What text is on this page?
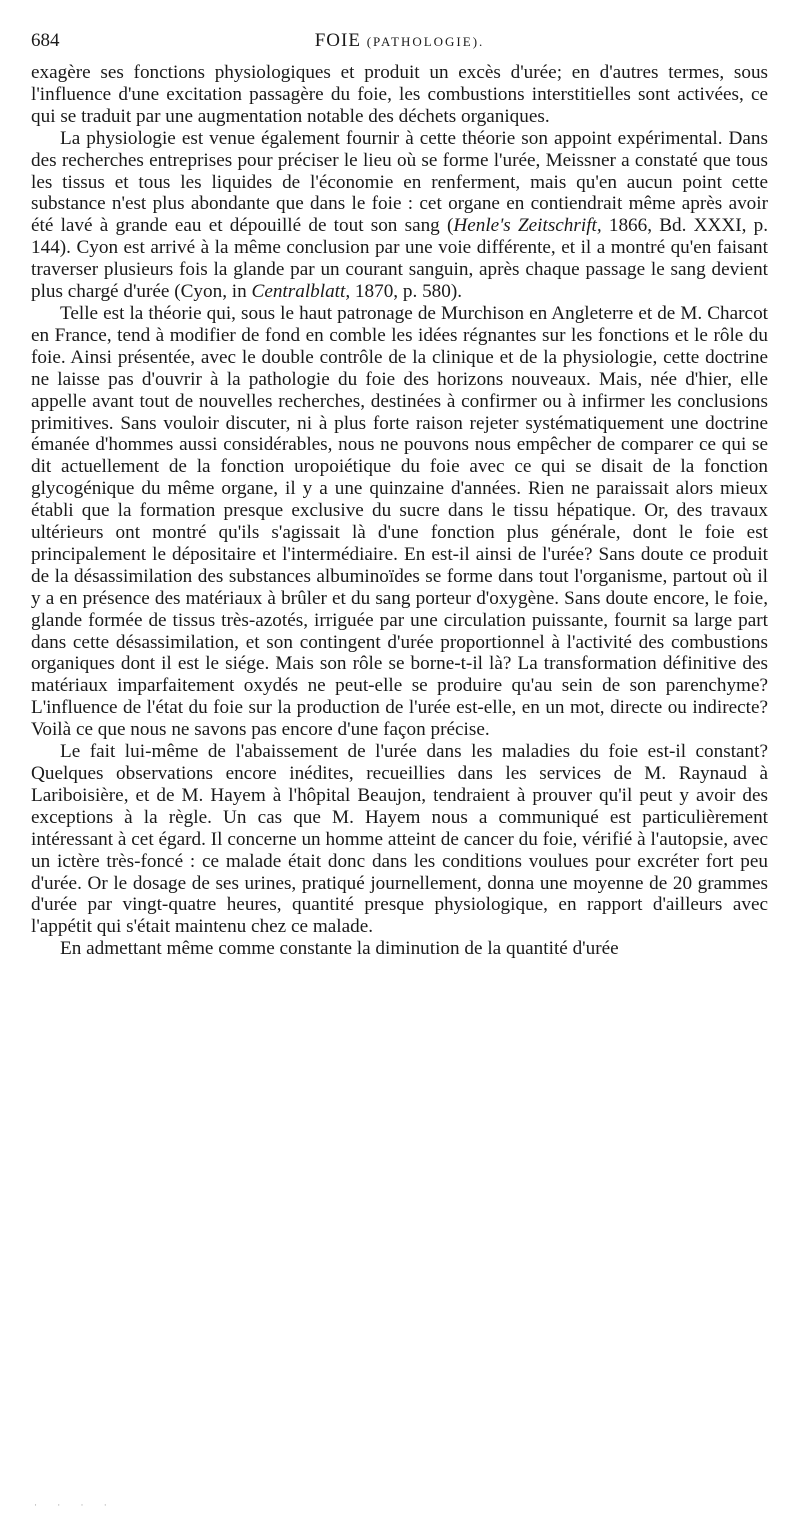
684	FOIE (PATHOLOGIE).

exagère ses fonctions physiologiques et produit un excès d'urée; en d'autres termes, sous l'influence d'une excitation passagère du foie, les combustions interstitielles sont activées, ce qui se traduit par une augmentation notable des déchets organiques.

La physiologie est venue également fournir à cette théorie son appoint expérimental. Dans des recherches entreprises pour préciser le lieu où se forme l'urée, Meissner a constaté que tous les tissus et tous les liquides de l'économie en renferment, mais qu'en aucun point cette substance n'est plus abondante que dans le foie : cet organe en contiendrait même après avoir été lavé à grande eau et dépouillé de tout son sang (Henle's Zeitschrift, 1866, Bd. XXXI, p. 144). Cyon est arrivé à la même conclusion par une voie différente, et il a montré qu'en faisant traverser plusieurs fois la glande par un courant sanguin, après chaque passage le sang devient plus chargé d'urée (Cyon, in Centralblatt, 1870, p. 580).

Telle est la théorie qui, sous le haut patronage de Murchison en Angleterre et de M. Charcot en France, tend à modifier de fond en comble les idées régnantes sur les fonctions et le rôle du foie. Ainsi présentée, avec le double contrôle de la clinique et de la physiologie, cette doctrine ne laisse pas d'ouvrir à la pathologie du foie des horizons nouveaux. Mais, née d'hier, elle appelle avant tout de nouvelles recherches, destinées à confirmer ou à infirmer les conclusions primitives. Sans vouloir discuter, ni à plus forte raison rejeter systématiquement une doctrine émanée d'hommes aussi considérables, nous ne pouvons nous empêcher de comparer ce qui se dit actuellement de la fonction uropoiétique du foie avec ce qui se disait de la fonction glycogénique du même organe, il y a une quinzaine d'années. Rien ne paraissait alors mieux établi que la formation presque exclusive du sucre dans le tissu hépatique. Or, des travaux ultérieurs ont montré qu'ils s'agissait là d'une fonction plus générale, dont le foie est principalement le dépositaire et l'intermédiaire. En est-il ainsi de l'urée? Sans doute ce produit de la désassimilation des substances albuminoïdes se forme dans tout l'organisme, partout où il y a en présence des matériaux à brûler et du sang porteur d'oxygène. Sans doute encore, le foie, glande formée de tissus très-azotés, irriguée par une circulation puissante, fournit sa large part dans cette désassimilation, et son contingent d'urée proportionnel à l'activité des combustions organiques dont il est le siége. Mais son rôle se borne-t-il là? La transformation définitive des matériaux imparfaitement oxydés ne peut-elle se produire qu'au sein de son parenchyme? L'influence de l'état du foie sur la production de l'urée est-elle, en un mot, directe ou indirecte? Voilà ce que nous ne savons pas encore d'une façon précise.

Le fait lui-même de l'abaissement de l'urée dans les maladies du foie est-il constant? Quelques observations encore inédites, recueillies dans les services de M. Raynaud à Lariboisière, et de M. Hayem à l'hôpital Beaujon, tendraient à prouver qu'il peut y avoir des exceptions à la règle. Un cas que M. Hayem nous a communiqué est particulièrement intéressant à cet égard. Il concerne un homme atteint de cancer du foie, vérifié à l'autopsie, avec un ictère très-foncé : ce malade était donc dans les conditions voulues pour excréter fort peu d'urée. Or le dosage de ses urines, pratiqué journellement, donna une moyenne de 20 grammes d'urée par vingt-quatre heures, quantité presque physiologique, en rapport d'ailleurs avec l'appétit qui s'était maintenu chez ce malade.

En admettant même comme constante la diminution de la quantité d'urée

· · · ·
